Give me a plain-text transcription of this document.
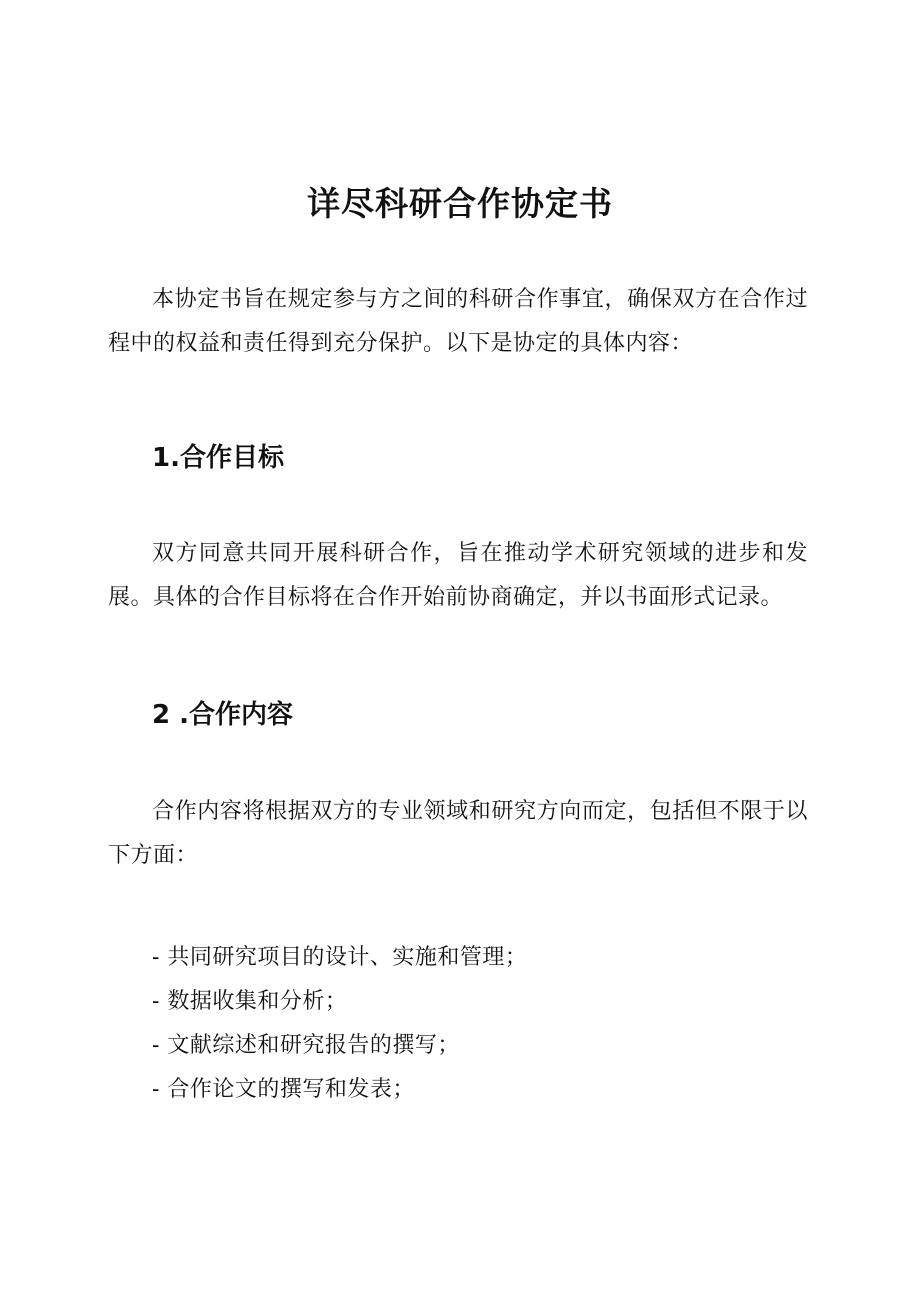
详尽科研合作协定书
本协定书旨在规定参与方之间的科研合作事宜，确保双方在合作过程中的权益和责任得到充分保护。以下是协定的具体内容：
1.合作目标
双方同意共同开展科研合作，旨在推动学术研究领域的进步和发展。具体的合作目标将在合作开始前协商确定，并以书面形式记录。
2 .合作内容
合作内容将根据双方的专业领域和研究方向而定，包括但不限于以下方面：
- 共同研究项目的设计、实施和管理；
- 数据收集和分析；
- 文献综述和研究报告的撰写；
- 合作论文的撰写和发表；
